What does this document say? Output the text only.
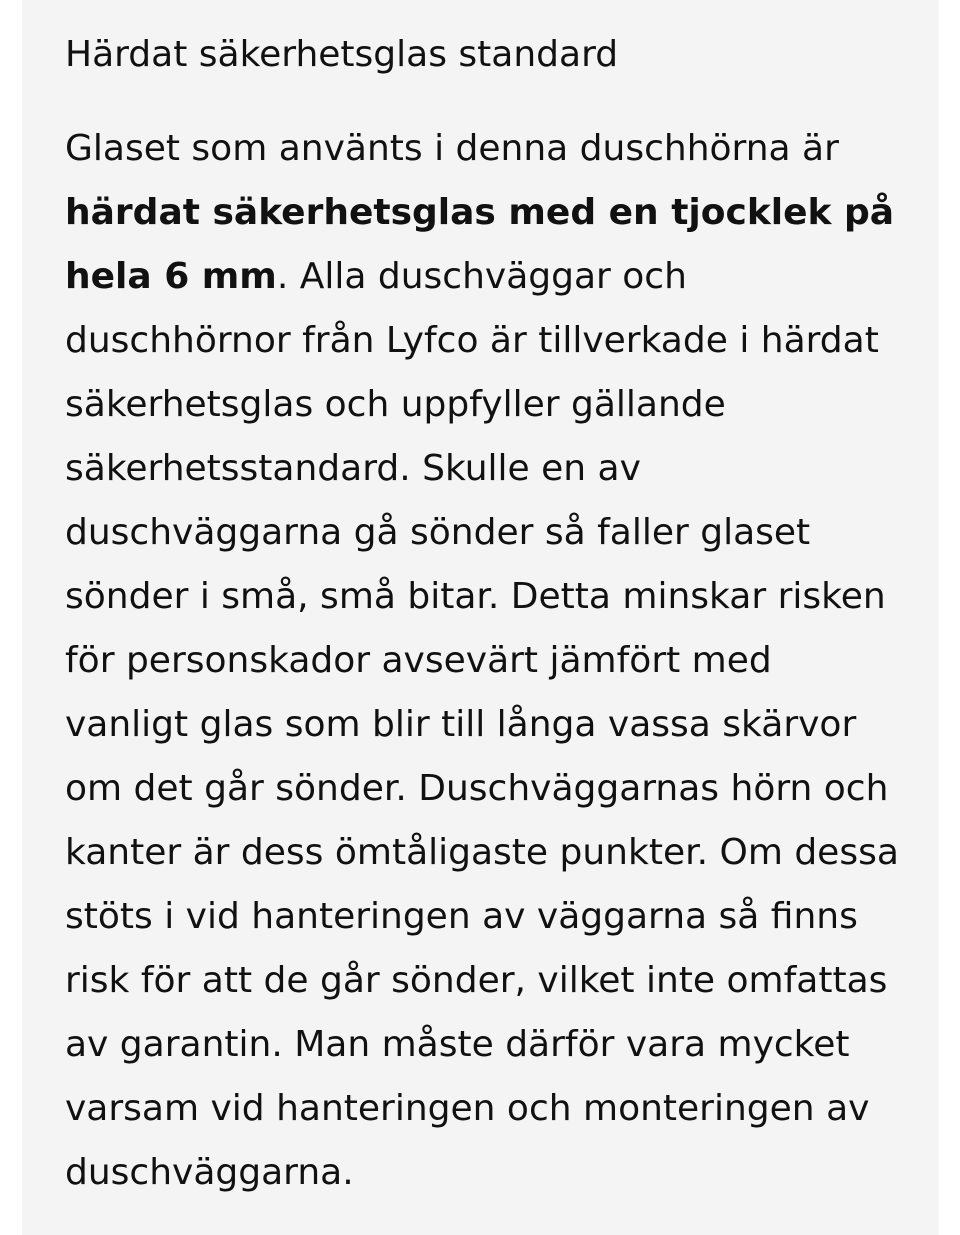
Härdat säkerhetsglas standard

Glaset som använts i denna duschhörna är härdat säkerhetsglas med en tjocklek på hela 6 mm. Alla duschväggar och duschhörnor från Lyfco är tillverkade i härdat säkerhetsglas och uppfyller gällande säkerhetsstandard. Skulle en av duschväggarna gå sönder så faller glaset sönder i små, små bitar. Detta minskar risken för personskador avsevärt jämfört med vanligt glas som blir till långa vassa skärvor om det går sönder. Duschväggarnas hörn och kanter är dess ömtåligaste punkter. Om dessa stöts i vid hanteringen av väggarna så finns risk för att de går sönder, vilket inte omfattas av garantin. Man måste därför vara mycket varsam vid hanteringen och monteringen av duschväggarna.
